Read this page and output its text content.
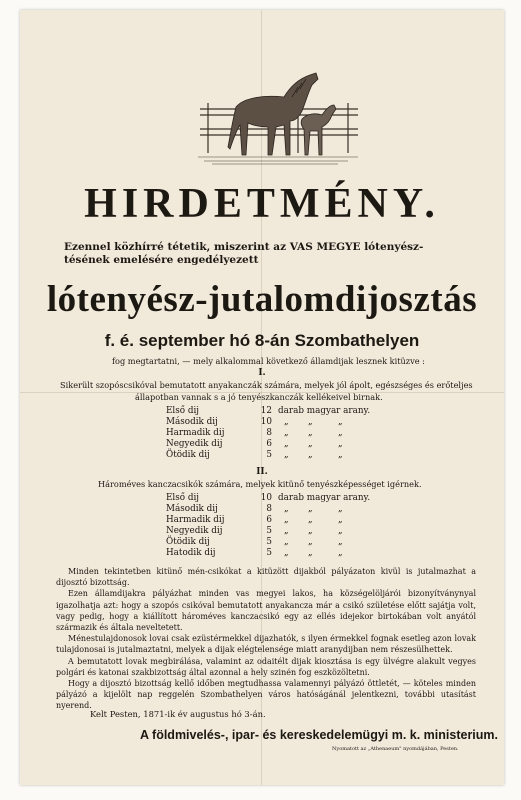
HIRDETMÉNY.
Ezennel közhírré tétetik, miszerint az VAS MEGYE lótenyész-
tésének emelésére engedélyezett
lótenyész-jutalomdijosztás
f. é. september hó 8-án Szombathelyen
fog megtartatni, — mely alkalommal következő államdijak lesznek kitüzve :
I.
Sikerült szopóscsikóval bemutatott anyakanczák számára, melyek jól ápolt, egészséges és erőteljes
állapotban vannak s a jó tenyészkanczák kellékeivel birnak.
Első dij	12 darab magyar arany.
Második dij	10 „ „	„
Harmadik dij	8 „ „	„
Negyedik dij	6 „ „	„
Ötödik dij	5 „ „	„
II.
Hároméves kanczacsikók számára, melyek kitünő tenyészképességet igérnek.
Első dij	10 darab magyar arany.
Második dij	8 „ „	„
Harmadik dij	6 „ „	„
Negyedik dij	5 „ „	„
Ötödik dij	5 „ „	„
Hatodik dij	5 „ „	„

Minden tekintetben kitünő mén-csikókat a kitüzött dijakból pályázaton kivül is jutalmazhat a dijosztó bizottság.

Ezen államdijakra pályázhat minden vas megyei lakos, ha községelöljárói bizonyítványnyal igazolhatja azt: hogy a szopós csikóval bemutatott anyakancza már a csikó születése előtt sajátja volt, vagy pedig, hogy a kiállított hároméves kanczacsikó egy az ellés idejekor birtokában volt anyától származik és általa neveltetett.

Ménestulajdonosok lovai csak ezüstérmekkel dijazhatók, s ilyen érmekkel fognak esetleg azon lovak tulajdonosai is jutalmaztatni, melyek a dijak elégtelensége miatt aranydijban nem részesülhettek.

A bemutatott lovak megbirálása, valamint az odaitélt dijak kiosztása is egy ülvégre alakult vegyes polgári és katonai szakbizottság által azonnal a hely szinén fog eszközöltetni.

Hogy a dijosztó bizottság kellő időben megtudhassa valamennyi pályázó öttletét, — köteles minden pályázó a kijelölt nap reggelén Szombathelyen város hatóságánál jelentkezni, további utasítást nyerend.

Kelt Pesten, 1871-ik év augustus hó 3-án.
A földmivelés-, ipar- és kereskedelemügyi m. k. ministerium.
Nyomatott az „Athenaeum" nyomdájában, Pesten.
